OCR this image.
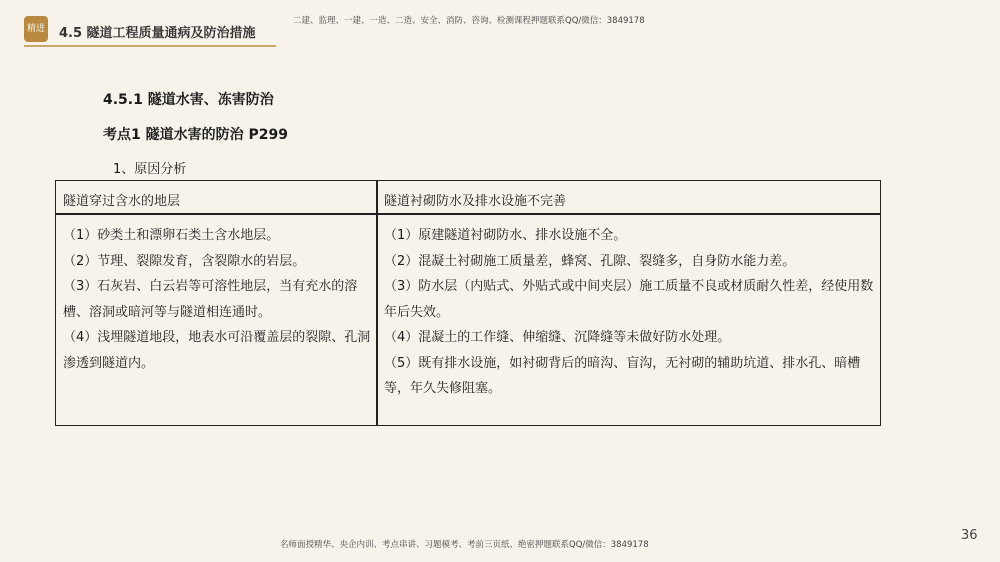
精进 4.5 隧道工程质量通病及防治措施
二建、监理、一建、一造、二造、安全、消防、咨询、检测课程押题联系QQ/微信：3849178
4.5.1 隧道水害、冻害防治
考点1 隧道水害的防治 P299
1、原因分析
隧道穿过含水的地层	隧道衬砌防水及排水设施不完善

（1）砂类土和漂卵石类土含水地层。

（2）节理、裂隙发育，含裂隙水的岩层。

（3）石灰岩、白云岩等可溶性地层，当有充水的溶槽、溶洞或暗河等与隧道相连通时。

（4）浅埋隧道地段，地表水可沿覆盖层的裂隙、孔洞渗透到隧道内。

（1）原建隧道衬砌防水、排水设施不全。

（2）混凝土衬砌施工质量差，蜂窝、孔隙、裂缝多，自身防水能力差。

（3）防水层（内贴式、外贴式或中间夹层）施工质量不良或材质耐久性差，经使用数年后失效。

（4）混凝土的工作缝、伸缩缝、沉降缝等未做好防水处理。

（5）既有排水设施，如衬砌背后的暗沟、盲沟，无衬砌的辅助坑道、排水孔、暗槽等，年久失修阻塞。

名师面授精华、央企内训、考点串讲、习题模考、考前三页纸、绝密押题联系QQ/微信：3849178
36
